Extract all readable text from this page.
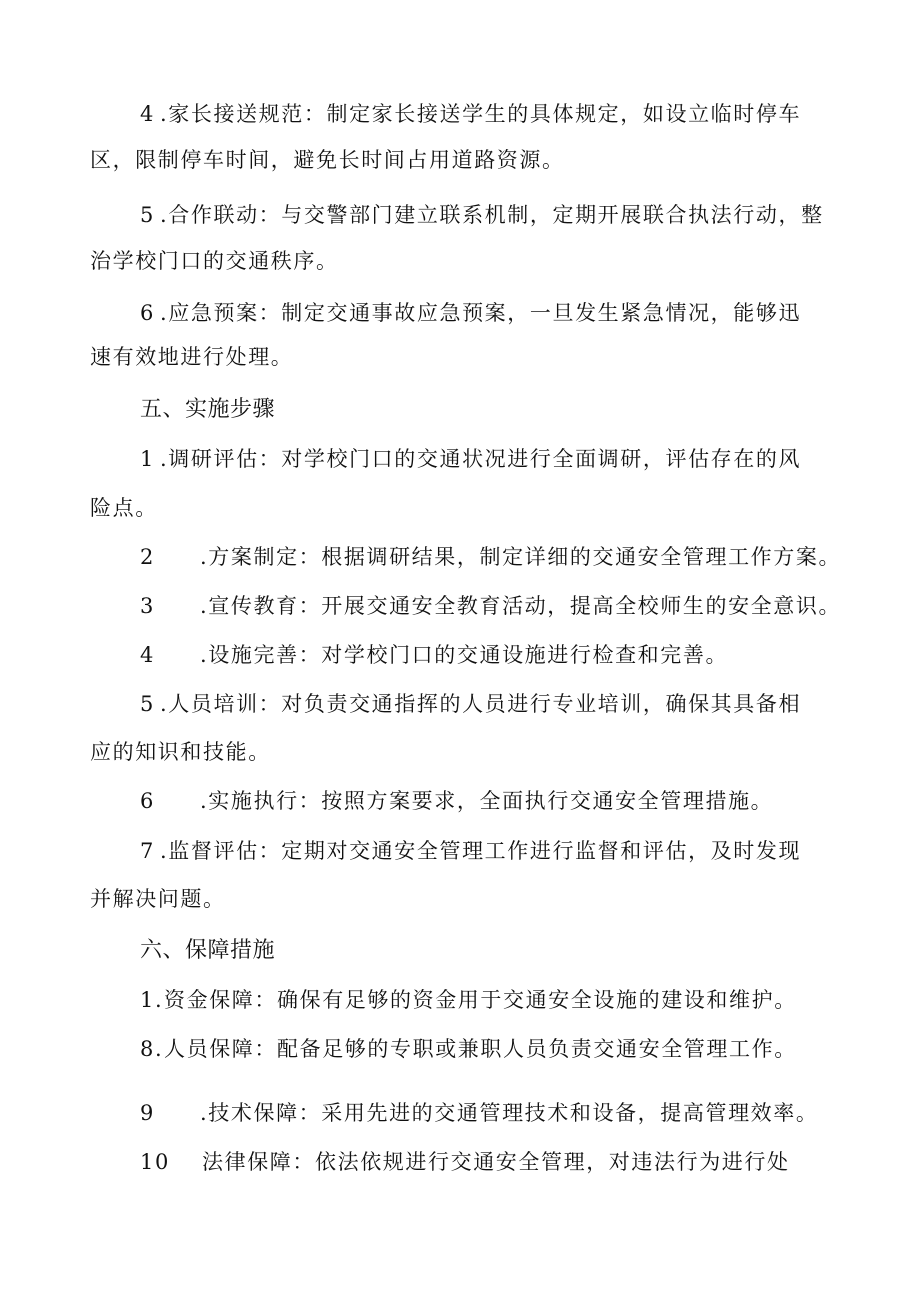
4 .家长接送规范：制定家长接送学生的具体规定，如设立临时停车
区，限制停车时间，避免长时间占用道路资源。
5 .合作联动：与交警部门建立联系机制，定期开展联合执法行动，整
治学校门口的交通秩序。
6 .应急预案：制定交通事故应急预案，一旦发生紧急情况，能够迅
速有效地进行处理。
五、实施步骤
1 .调研评估：对学校门口的交通状况进行全面调研，评估存在的风
险点。
2 .方案制定：根据调研结果，制定详细的交通安全管理工作方案。
3 .宣传教育：开展交通安全教育活动，提高全校师生的安全意识。
4 .设施完善：对学校门口的交通设施进行检查和完善。
5 .人员培训：对负责交通指挥的人员进行专业培训，确保其具备相
应的知识和技能。
6 .实施执行：按照方案要求，全面执行交通安全管理措施。
7 .监督评估：定期对交通安全管理工作进行监督和评估，及时发现
并解决问题。
六、保障措施
1. 资金保障：确保有足够的资金用于交通安全设施的建设和维护。
8. 人员保障：配备足够的专职或兼职人员负责交通安全管理工作。
9 .技术保障：采用先进的交通管理技术和设备，提高管理效率。
10 法律保障：依法依规进行交通安全管理，对违法行为进行处
